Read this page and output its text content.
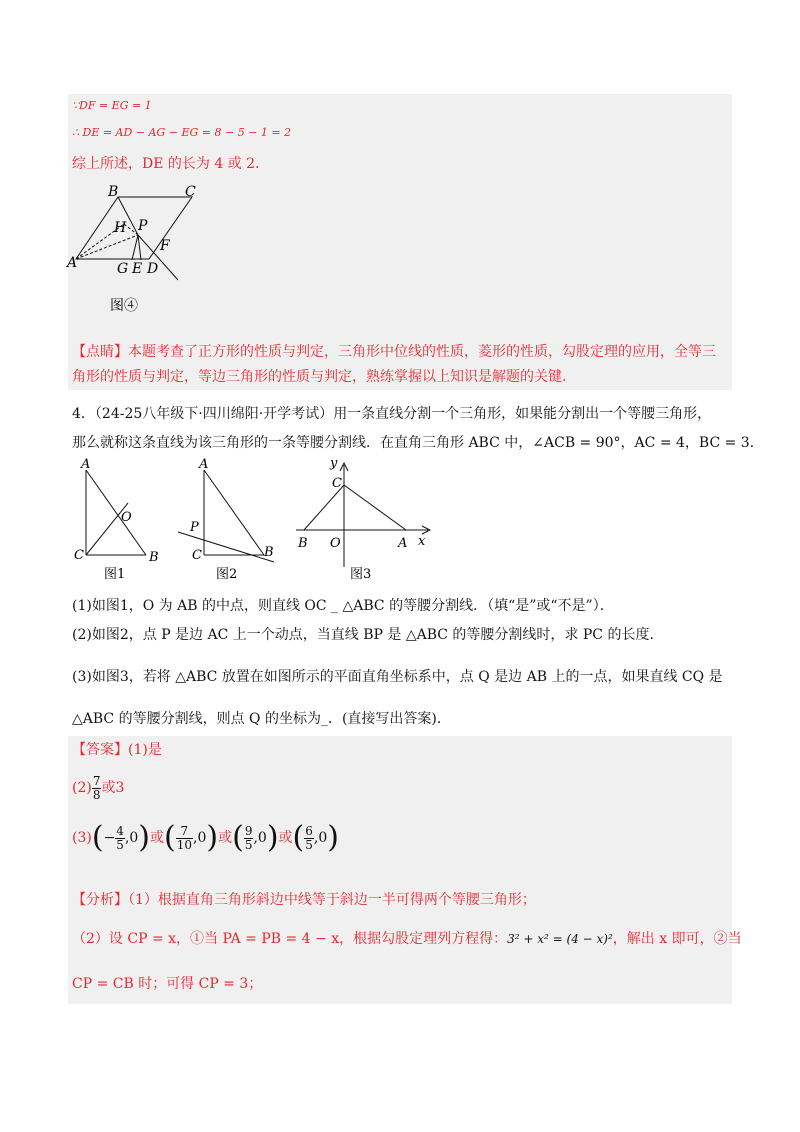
∵DF = EG = 1
∴ DE = AD − AG − EG = 8 − 5 − 1 = 2
综上所述，DE 的长为 4 或 2.
B	C
H P
A
F
G E D
图④
【点睛】本题考查了正方形的性质与判定，三角形中位线的性质，菱形的性质，勾股定理的应用，全等三
角形的性质与判定，等边三角形的性质与判定，熟练掌握以上知识是解题的关键.
4．（24-25八年级下·四川绵阳·开学考试）用一条直线分割一个三角形，如果能分割出一个等腰三角形，
那么就称这条直线为该三角形的一条等腰分割线．在直角三角形 ABC 中，∠ACB = 90°，AC = 4，BC = 3．
A
O
C	B
图1
A
P
C	B
图2
y
C
B O	A x
图3
(1)如图1，O 为 AB 的中点，则直线 OC _ △ABC 的等腰分割线．（填“是”或“不是”）．
(2)如图2，点 P 是边 AC 上一个动点，当直线 BP 是 △ABC 的等腰分割线时，求 PC 的长度．
(3)如图3，若将 △ABC 放置在如图所示的平面直角坐标系中，点 Q 是边 AB 上的一点，如果直线 CQ 是
△ABC 的等腰分割线，则点 Q 的坐标为_．(直接写出答案)．
【答案】(1)是
$(2) \frac{7}{8}$ 或3
$(3)(- \frac{4}{5} ,0)$或( $\frac{7}{10} ,0$)或( $\frac{9}{5} ,0$)或( $\frac{6}{5} ,0$)
【分析】（1）根据直角三角形斜边中线等于斜边一半可得两个等腰三角形；
（2）设 CP = x，①当 PA = PB = 4 − x，根据勾股定理列方程得：3² + x² = (4 − x)²，解出 x 即可，②当
CP = CB 时；可得 CP = 3；
